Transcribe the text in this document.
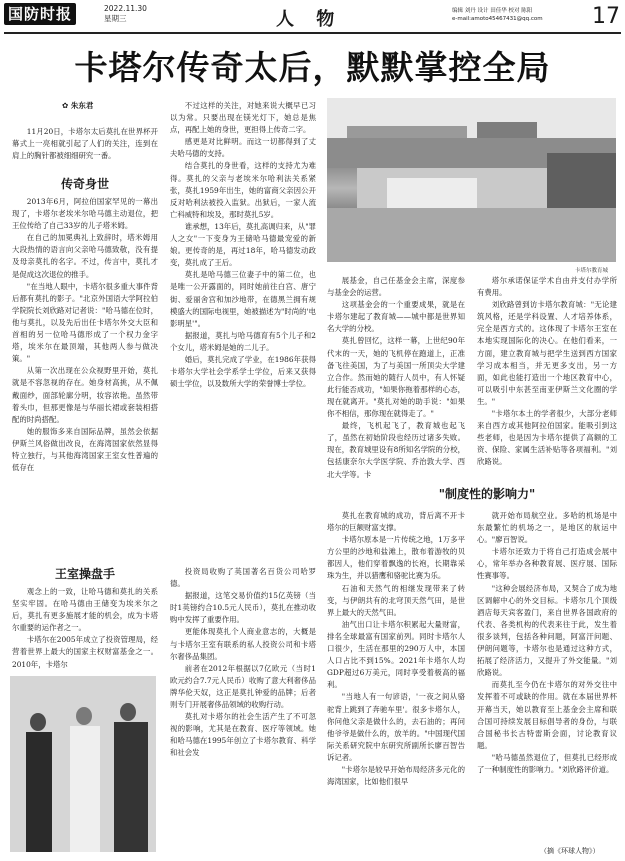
国防时报	2022.11.30
星期三	人 物	编辑 刘丹 设计 田佳华 校对 陈阳
e-mail:amoto45467431@qq.com 17
卡塔尔传奇太后，默默掌控全局
✿ 朱东君

11月20日，卡塔尔太后莫扎在世界杯开幕式上一亮相就引起了人们的关注，连到在肩上的胸针都被细细研究一番。

传奇身世

2013年6月，阿拉伯国家罕见的一幕出现了，卡塔尔老埃米尔哈马德主动退位，把王位传给了自己33岁的儿子塔米姆。

在自己的加冕典礼上致辞时，塔米姆用大段热情的语言向父亲哈马德致敬，没有提及母亲莫扎的名字。不过，传言中，莫扎才是促成这次退位的推手。

"在当地人眼中，卡塔尔很多重大事件背后都有莫扎的影子。"北京外国语大学阿拉伯学院院长刘欣路对记者说："哈马德在位时，他与莫扎，以及先后出任卡塔尔外交大臣和首相的另一位哈马德形成了一个权力金字塔，埃米尔在最顶端，其他两人参与做决策。"

从第一次出现在公众视野里开始，莫扎就是不容忽视的存在。她身材高挑，从不佩戴面纱，面部轮廓分明，妆容浓艳。虽然带着头巾，但那更像是与华丽长裙或套装相搭配的时尚搭配。

她的服饰多来自国际品牌，虽然会依据伊斯兰风俗做出改良，在海湾国家依然显得特立独行，与其他海湾国家王室女性普遍的低存在

不过这样的关注，对她来说大概早已习以为常。只要出现在镁光灯下，她总是焦点，再配上她的身世，更担得上传奇二字。

感更是对比鲜明。而这一切都得到了丈夫哈马德的支持。

结合莫扎的身世看，这样的支持尤为难得。莫扎的父亲与老埃米尔哈利法关系紧张，莫扎1959年出生，她的富商父亲因公开反对哈利法被投入监狱。出狱后，一家人流亡科威特和埃及，那时莫扎5岁。

谁承想，13年后，莫扎高调归来，从"罪人之女"一下变身为王储哈马德最宠爱的新娘。更传奇的是，再过18年，哈马德发动政变，莫扎成了王后。

莫扎是哈马德三位妻子中的第二位，也是唯一公开露面的，同时她前往白宫、唐宁街、爱丽舍宫和加沙地带，在德黑兰拥有规模盛大的国际电视里，她被描述为"时尚的'电影明星'"。

据报道，莫扎与哈马德育有5个儿子和2个女儿，塔米姆是她的二儿子。

婚后，莫扎完成了学业，在1986年获得卡塔尔大学社会学系学士学位，后来又获得硕士学位，以及数所大学的荣誉博士学位。

卡塔尔教育城

展基金，自己任基金会主席，深度参与基金会的运营。

这项基金会的一个重要成果，就是在卡塔尔建起了教育城——城中都是世界知名大学的分校。

莫扎曾回忆，这样一幕，上世纪90年代末的一天，她的飞机停在跑道上，正准备飞往美国，为了与美国一所顶尖大学建立合作。然而她的随行人员中，有人怀疑此行能否成功，"如果你拖着那样的心态，现在就离开。"莫扎对她的助手说："如果你不相信，那你现在就得走了。"

最终，飞机起飞了，教育城也起飞了，虽然在初始阶段也经历过诸多失败。现在，教育城里设有8所知名学院的分校，包括康奈尔大学医学院、乔治敦大学、西北大学等。卡

塔尔承诺保证学术自由并支付办学所有费用。

刘欣路曾到访卡塔尔教育城："无论建筑风格，还是学科设置、人才培养体系，完全是西方式的。这体现了卡塔尔王室在本地实现国际化的决心。在他们看来，一方面，建立教育城与把学生送到西方国家学习成本相当，并无更多支出，另一方面，如此也能打造出一个地区教育中心，可以吸引中东甚至南亚伊斯兰文化圈的学生。"

"卡塔尔本土的学者很少，大部分老师来自西方或其他阿拉伯国家。能吸引到这些老师，也是因为卡塔尔提供了高额的工资、保险、家属生活补贴等各项福利。"刘欣路说。

"制度性的影响力"
王室操盘手

观念上的一致，让哈马德和莫扎的关系坚实牢固。在哈马德由王储变为埃米尔之后，莫扎有更多施展才能的机会，成为卡塔尔重要的运作者之一。

卡塔尔在2005年成立了投资管理局，经营着世界上最大的国家主权财富基金之一。2010年，卡塔尔

投资局收购了英国著名百货公司哈罗德。

据报道，这笔交易价值约15亿英镑（当时1英镑约合10.5元人民币），莫扎在推动收购中发挥了重要作用。

更能体现莫扎个人商业意志的，大概是与卡塔尔王室有联系的私人投资公司和卡塔尔奢侈品集团。

前者在2012年根据以7亿欧元（当时1欧元约合7.7元人民币）收购了意大利奢侈品牌华伦天奴，这正是莫扎钟爱的品牌；后者则专门开展奢侈品领域的收购行动。

莫扎对卡塔尔的社会生活产生了不可忽视的影响，尤其是在教育、医疗等领域。她和哈马德在1995年创立了卡塔尔教育、科学和社会发

莫扎在教育城的成功，背后离不开卡塔尔的巨额财富支撑。

卡塔尔原本是一片传统之地，1万多平方公里的沙地和盐滩上，散布着游牧的贝都因人，他们穿着飘逸的长袍，长期靠采珠为生，并以猎鹰和骆驼比赛为乐。

石油和天然气的相继发现带来了转变，与伊朗共有的北穹顶天然气田，是世界上最大的天然气田。

油气出口让卡塔尔积累起大量财富，排名全球最富有国家前列。同时卡塔尔人口很少，生活在那里的290万人中，本国人口占比不到15%。2021年卡塔尔人均GDP超过6万美元，同时享受着极高的福利。

"当地人有一句谚语，'一夜之间从骆驼背上跳到了奔驰车里'。很多卡塔尔人，你问他父亲是做什么的，去石油的；再问他爷爷是做什么的，放羊的。"中国现代国际关系研究院中东研究所副所长廖百智告诉记者。

"卡塔尔是较早开始布局经济多元化的海湾国家，比如他们很早

就开始布局航空业。多哈的机场是中东最繁忙的机场之一，是地区的航运中心。"廖百智说。

卡塔尔还致力于将自己打造成会展中心，常年举办各种教育展、医疗展、国际性赛事等。

"这种会展经济布局，又契合了成为地区调解中心的外交目标。卡塔尔几个顶级酒店每天宾客盈门，来自世界各国政府的代表、各类机构的代表来往于此，发生着很多谈判，包括各种问题，阿富汗问题、伊朗问题等，卡塔尔也是通过这种方式，拓展了经济活力，又提升了外交能量。"刘欣路说。

而莫扎至今仍在卡塔尔的对外交往中发挥着不可或缺的作用。就在本届世界杯开幕当天，她以教育至上基金会主席和联合国可持续发展目标倡导者的身份，与联合国秘书长古特雷斯会面，讨论教育议题。

"哈马德虽然退位了，但莫扎已经形成了一种制度性的影响力。"刘欣路评价道。

（摘《环球人物》）
